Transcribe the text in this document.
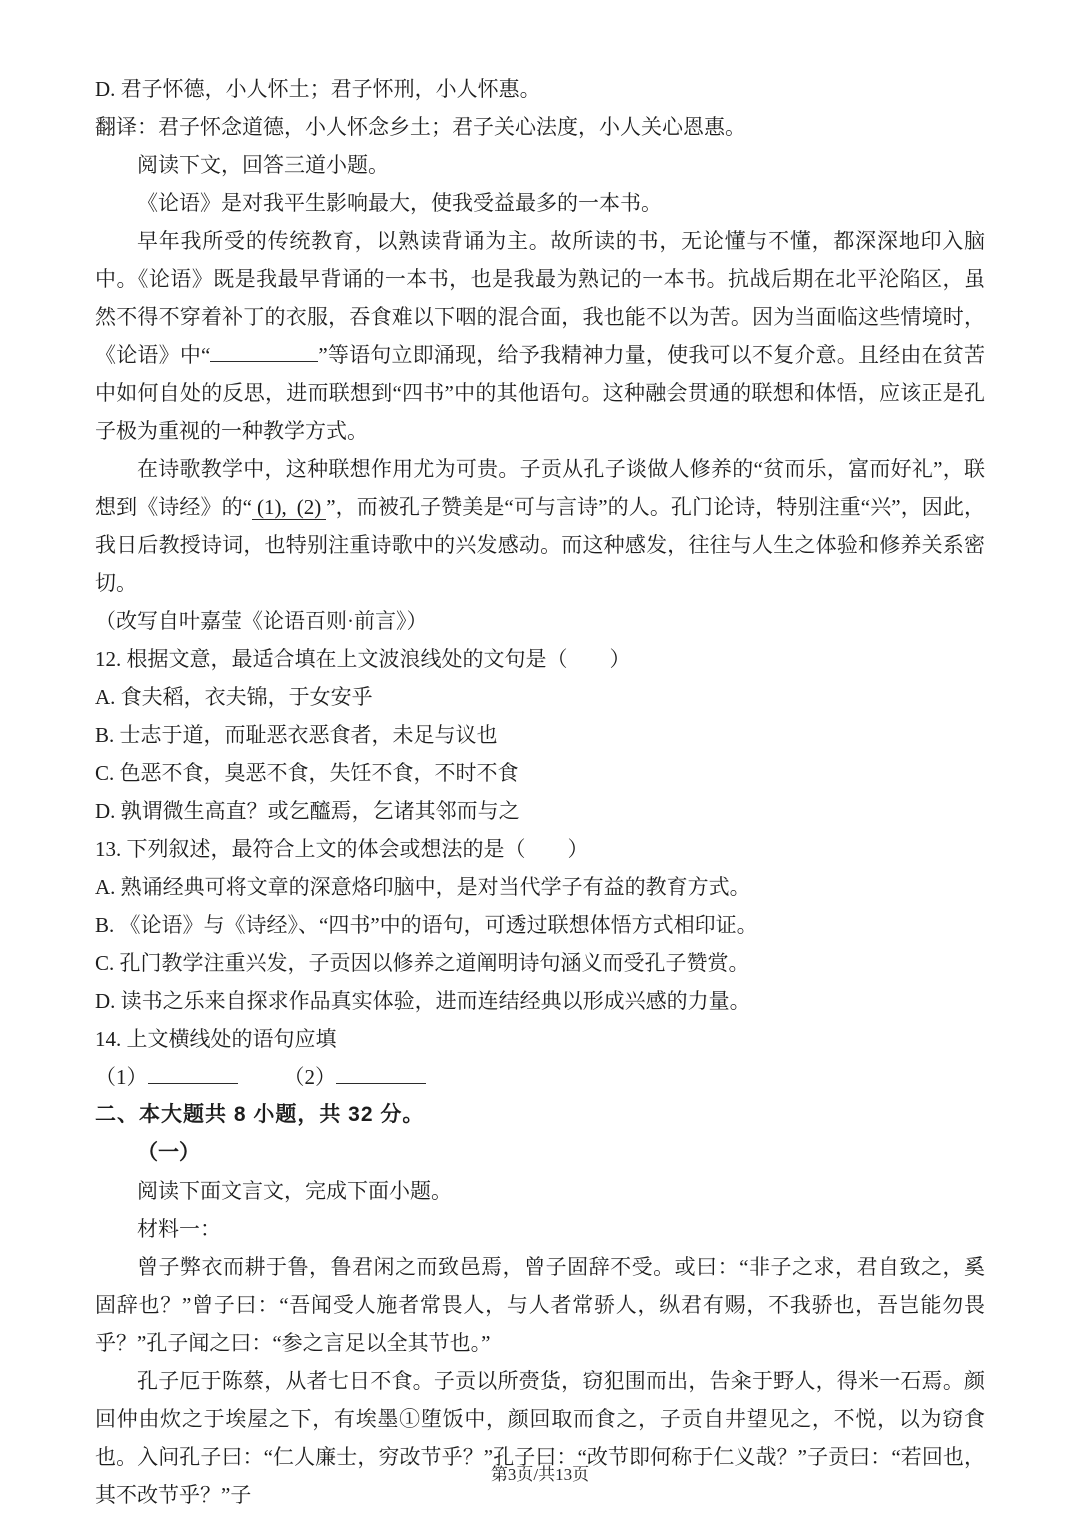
D. 君子怀德，小人怀土；君子怀刑，小人怀惠。

翻译：君子怀念道德，小人怀念乡土；君子关心法度，小人关心恩惠。

阅读下文，回答三道小题。

《论语》是对我平生影响最大，使我受益最多的一本书。

早年我所受的传统教育，以熟读背诵为主。故所读的书，无论懂与不懂，都深深地印入脑中。《论语》既是我最早背诵的一本书，也是我最为熟记的一本书。抗战后期在北平沦陷区，虽然不得不穿着补丁的衣服，吞食难以下咽的混合面，我也能不以为苦。因为当面临这些情境时，《论语》中“	”等语句立即涌现，给予我精神力量，使我可以不复介意。且经由在贫苦中如何自处的反思，进而联想到“四书”中的其他语句。这种融会贯通的联想和体悟，应该正是孔子极为重视的一种教学方式。

在诗歌教学中，这种联想作用尤为可贵。子贡从孔子谈做人修养的“贫而乐，富而好礼”，联想到《诗经》的“ (1), (2) ”，而被孔子赞美是“可与言诗”的人。孔门论诗，特别注重“兴”，因此，我日后教授诗词，也特别注重诗歌中的兴发感动。而这种感发，往往与人生之体验和修养关系密切。

（改写自叶嘉莹《论语百则·前言》）

12. 根据文意，最适合填在上文波浪线处的文句是（　　）

A. 食夫稻，衣夫锦，于女安乎

B. 士志于道，而耻恶衣恶食者，未足与议也

C. 色恶不食，臭恶不食，失饪不食，不时不食

D. 孰谓微生高直？或乞醯焉，乞诸其邻而与之

13. 下列叙述，最符合上文的体会或想法的是（　　）

A. 熟诵经典可将文章的深意烙印脑中，是对当代学子有益的教育方式。

B. 《论语》与《诗经》、“四书”中的语句，可透过联想体悟方式相印证。

C. 孔门教学注重兴发，子贡因以修养之道阐明诗句涵义而受孔子赞赏。

D. 读书之乐来自探求作品真实体验，进而连结经典以形成兴感的力量。

14. 上文横线处的语句应填

（1）	（2）

二、本大题共 8 小题，共 32 分。

（一）

阅读下面文言文，完成下面小题。

材料一：

曾子弊衣而耕于鲁，鲁君闲之而致邑焉，曾子固辞不受。或曰：“非子之求，君自致之，奚固辞也？”曾子曰：“吾闻受人施者常畏人，与人者常骄人，纵君有赐，不我骄也，吾岂能勿畏乎？”孔子闻之曰：“参之言足以全其节也。”

孔子厄于陈蔡，从者七日不食。子贡以所赍货，窃犯围而出，告籴于野人，得米一石焉。颜回仲由炊之于埃屋之下，有埃墨①堕饭中，颜回取而食之，子贡自井望见之，不悦，以为窃食也。入问孔子曰：“仁人廉士，穷改节乎？”孔子曰：“改节即何称于仁义哉？”子贡曰：“若回也，其不改节乎？”子

第3页/共13页
